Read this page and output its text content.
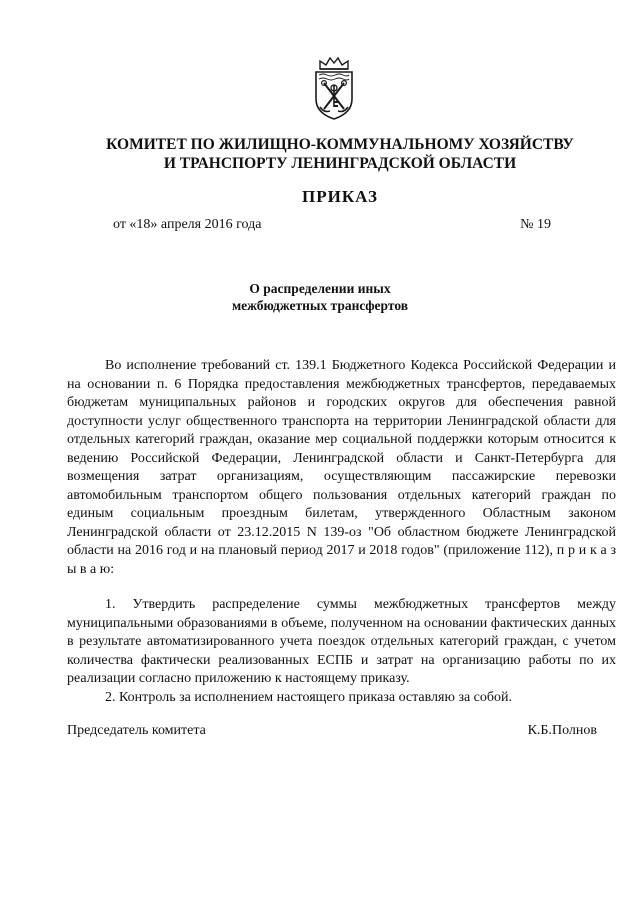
КОМИТЕТ ПО ЖИЛИЩНО-КОММУНАЛЬНОМУ ХОЗЯЙСТВУ
И ТРАНСПОРТУ ЛЕНИНГРАДСКОЙ ОБЛАСТИ
ПРИКАЗ
от «18» апреля 2016 года	№ 19
О распределении иных
межбюджетных трансфертов

Во исполнение требований ст. 139.1 Бюджетного Кодекса Российской Федерации и на основании п. 6 Порядка предоставления межбюджетных трансфертов, передаваемых бюджетам муниципальных районов и городских округов для обеспечения равной доступности услуг общественного транспорта на территории Ленинградской области для отдельных категорий граждан, оказание мер социальной поддержки которым относится к ведению Российской Федерации, Ленинградской области и Санкт-Петербурга для возмещения затрат организациям, осуществляющим пассажирские перевозки автомобильным транспортом общего пользования отдельных категорий граждан по единым социальным проездным билетам, утвержденного Областным законом Ленинградской области от 23.12.2015 N 139-оз "Об областном бюджете Ленинградской области на 2016 год и на плановый период 2017 и 2018 годов" (приложение 112), п р и к а з ы в а ю:

1. Утвердить распределение суммы межбюджетных трансфертов между муниципальными образованиями в объеме, полученном на основании фактических данных в результате автоматизированного учета поездок отдельных категорий граждан, с учетом количества фактически реализованных ЕСПБ и затрат на организацию работы по их реализации согласно приложению к настоящему приказу.

2. Контроль за исполнением настоящего приказа оставляю за собой.

Председатель комитета	К.Б.Полнов
